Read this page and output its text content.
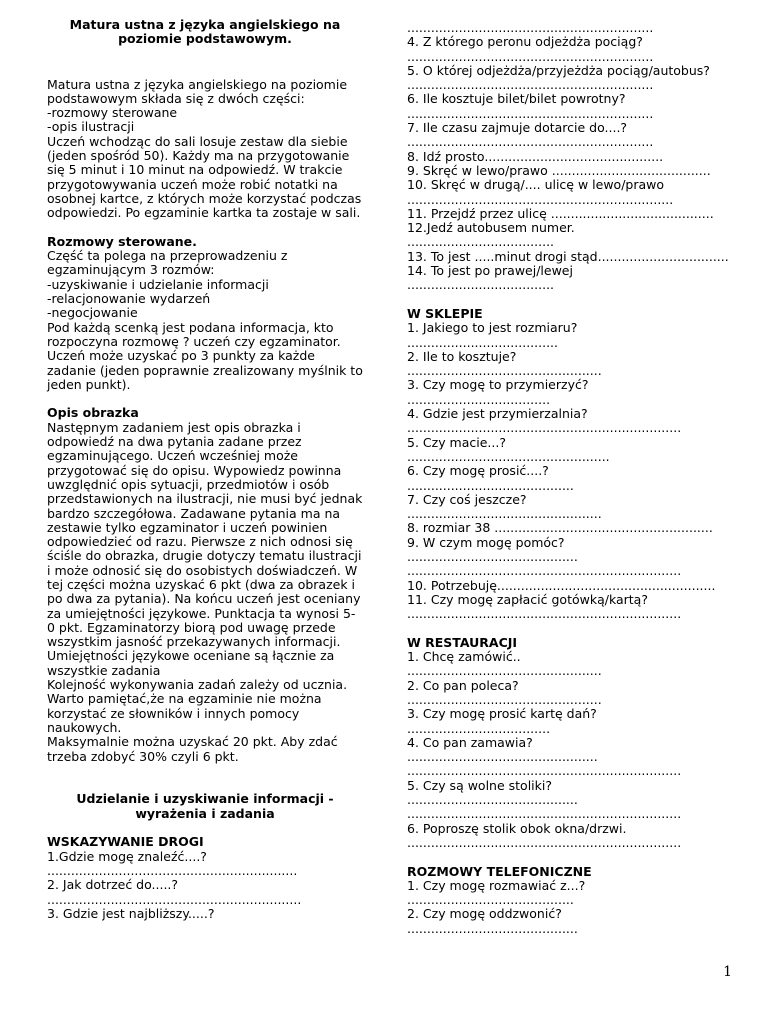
Matura ustna z języka angielskiego na poziomie podstawowym.

Matura ustna z języka angielskiego na poziomie podstawowym składa się z dwóch części:
-rozmowy sterowane
-opis ilustracji
Uczeń wchodząc do sali losuje zestaw dla siebie (jeden spośród 50). Każdy ma na przygotowanie się 5 minut i 10 minut na odpowiedź. W trakcie przygotowywania uczeń może robić notatki na osobnej kartce, z których może korzystać podczas odpowiedzi. Po egzaminie kartka ta zostaje w sali.

Rozmowy sterowane.

Część ta polega na przeprowadzeniu z egzaminującym 3 rozmów:
-uzyskiwanie i udzielanie informacji
-relacjonowanie wydarzeń
-negocjowanie
Pod każdą scenką jest podana informacja, kto rozpoczyna rozmowę ? uczeń czy egzaminator. Uczeń może uzyskać po 3 punkty za każde zadanie (jeden poprawnie zrealizowany myślnik to jeden punkt).

Opis obrazka

Następnym zadaniem jest opis obrazka i odpowiedź na dwa pytania zadane przez egzaminującego. Uczeń wcześniej może przygotować się do opisu. Wypowiedz powinna uwzględnić opis sytuacji, przedmiotów i osób przedstawionych na ilustracji, nie musi być jednak bardzo szczegółowa. Zadawane pytania ma na zestawie tylko egzaminator i uczeń powinien odpowiedzieć od razu. Pierwsze z nich odnosi się ściśle do obrazka, drugie dotyczy tematu ilustracji i może odnosić się do osobistych doświadczeń. W tej części można uzyskać 6 pkt (dwa za obrazek i po dwa za pytania). Na końcu uczeń jest oceniany za umiejętności językowe. Punktacja ta wynosi 5-0 pkt. Egzaminatorzy biorą pod uwagę przede wszystkim jasność przekazywanych informacji. Umiejętności językowe oceniane są łącznie za wszystkie zadania
Kolejność wykonywania zadań zależy od ucznia. Warto pamiętać,że na egzaminie nie można korzystać ze słowników i innych pomocy naukowych.
Maksymalnie można uzyskać 20 pkt. Aby zdać trzeba zdobyć 30% czyli 6 pkt.

Udzielanie i uzyskiwanie informacji - wyrażenia i zadania

WSKAZYWANIE DROGI

1.Gdzie mogę znaleźć....?

...............................................................

2. Jak dotrzeć do.....?

................................................................

3. Gdzie jest najbliższy.....?

..............................................................

4. Z którego peronu odjeżdża pociąg?

..............................................................

5. O której odjeżdża/przyjeżdża pociąg/autobus?

..............................................................

6. Ile kosztuje bilet/bilet powrotny?

..............................................................

7. Ile czasu zajmuje dotarcie do....?

..............................................................

8. Idź prosto.............................................

9. Skręć w lewo/prawo ........................................

10. Skręć w drugą/.... ulicę w lewo/prawo

...................................................................

11. Przejdź przez ulicę .........................................

12.Jedź autobusem numer.

.....................................

13. To jest .....minut drogi stąd.................................

14. To jest po prawej/lewej

.....................................

W SKLEPIE

1. Jakiego to jest rozmiaru?

......................................

2. Ile to kosztuje?

.................................................

3. Czy mogę to przymierzyć?

....................................

4. Gdzie jest przymierzalnia?

.....................................................................

5. Czy macie...?

...................................................

6. Czy mogę prosić....?

..........................................

7. Czy coś jeszcze?

.................................................

8. rozmiar 38 .......................................................

9. W czym mogę pomóc?

...........................................

.....................................................................

10. Potrzebuję.......................................................

11. Czy mogę zapłacić gotówką/kartą?

.....................................................................

W RESTAURACJI

1. Chcę zamówić..

.................................................

2. Co pan poleca?

.................................................

3. Czy mogę prosić kartę dań?

....................................

4. Co pan zamawia?

................................................

.....................................................................

5. Czy są wolne stoliki?

...........................................

.....................................................................

6. Poproszę stolik obok okna/drzwi.

.....................................................................

ROZMOWY TELEFONICZNE

1. Czy mogę rozmawiać z...?

..........................................

2. Czy mogę oddzwonić?

...........................................

1
